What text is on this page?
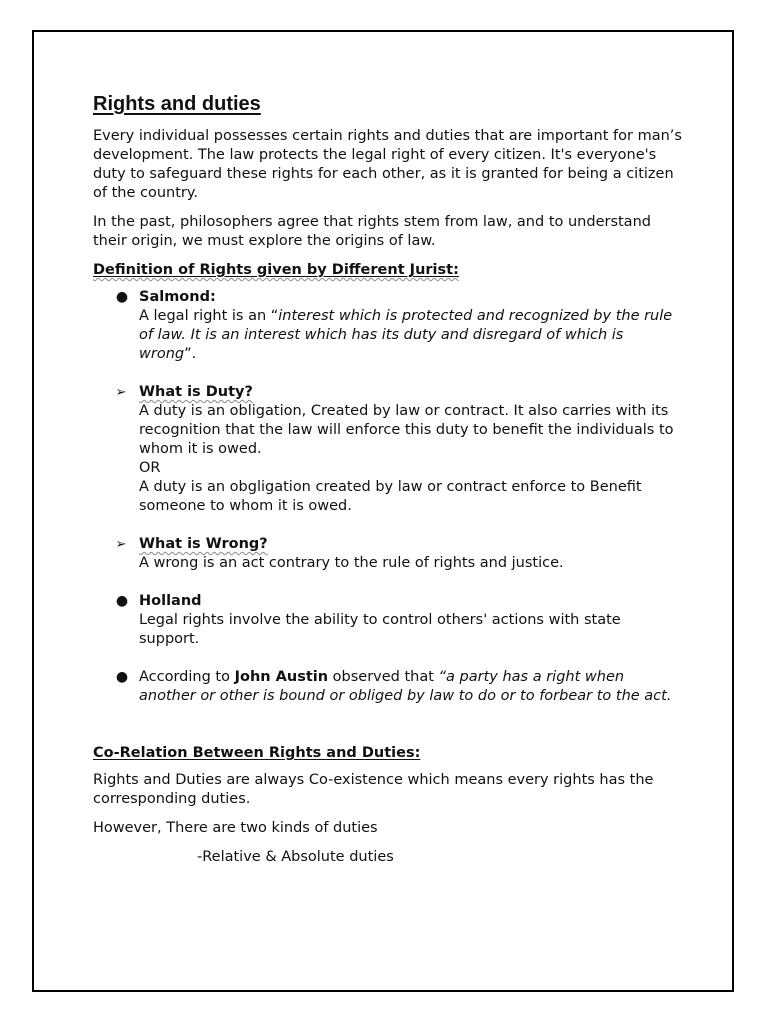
Rights and duties

Every individual possesses certain rights and duties that are important for man’s development. The law protects the legal right of every citizen. It's everyone's duty to safeguard these rights for each other, as it is granted for being a citizen of the country.

In the past, philosophers agree that rights stem from law, and to understand their origin, we must explore the origins of law.

Definition of Rights given by Different Jurist:

● Salmond:
A legal right is an “interest which is protected and recognized by the rule of law. It is an interest which has its duty and disregard of which is wrong”.
➢ What is Duty?
A duty is an obligation, Created by law or contract. It also carries with its recognition that the law will enforce this duty to benefit the individuals to whom it is owed.
OR
A duty is an obgligation created by law or contract enforce to Benefit someone to whom it is owed.
➢ What is Wrong?
A wrong is an act contrary to the rule of rights and justice.
● Holland
Legal rights involve the ability to control others' actions with state support.
● According to John Austin observed that “a party has a right when another or other is bound or obliged by law to do or to forbear to the act.

Co-Relation Between Rights and Duties:

Rights and Duties are always Co-existence which means every rights has the corresponding duties.

However, There are two kinds of duties

-Relative & Absolute duties
